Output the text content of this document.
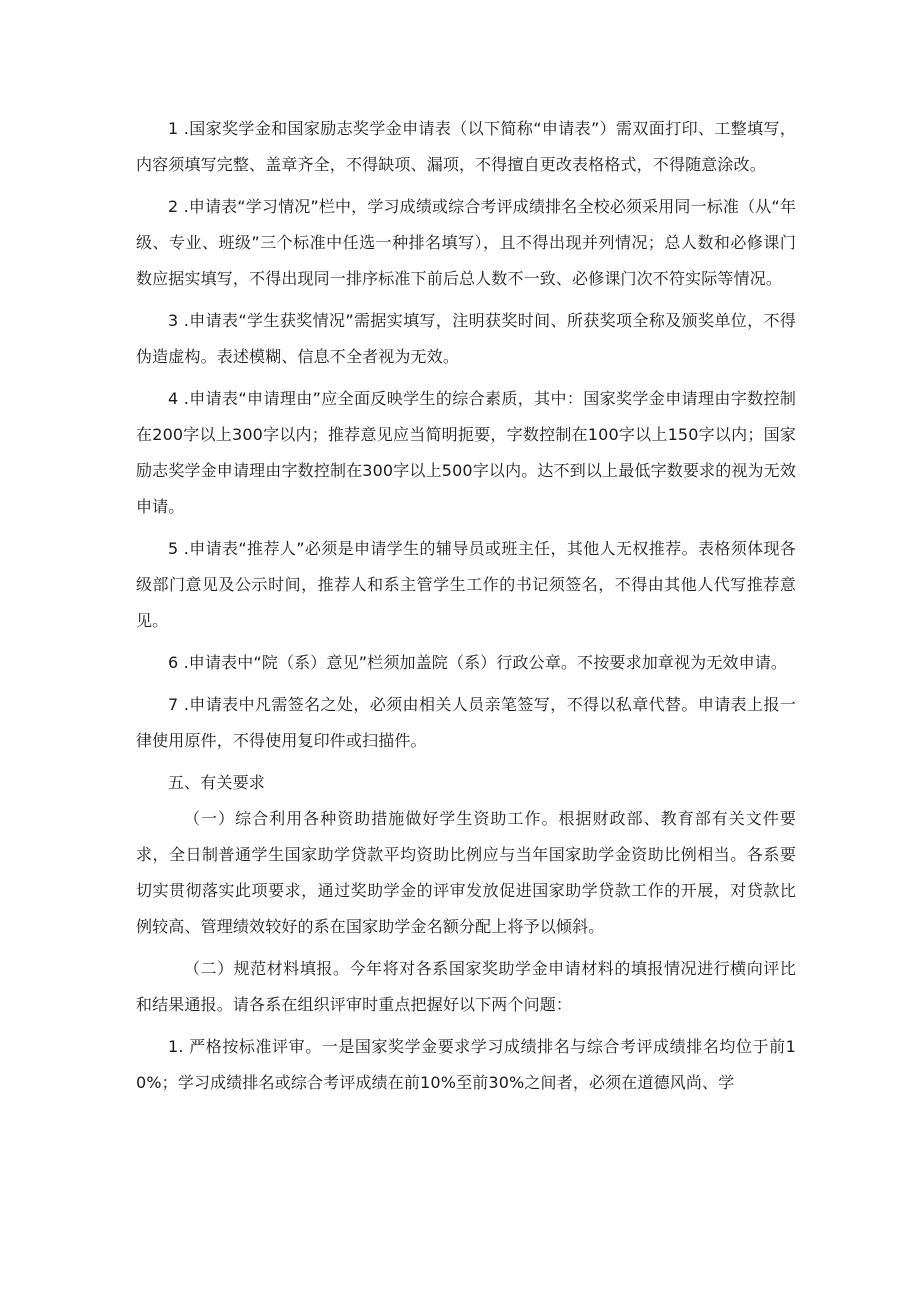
1 .国家奖学金和国家励志奖学金申请表（以下简称“申请表”）需双面打印、工整填写，内容须填写完整、盖章齐全，不得缺项、漏项，不得擅自更改表格格式，不得随意涂改。

2 .申请表“学习情况”栏中，学习成绩或综合考评成绩排名全校必须采用同一标准（从“年级、专业、班级”三个标准中任选一种排名填写），且不得出现并列情况；总人数和必修课门数应据实填写，不得出现同一排序标准下前后总人数不一致、必修课门次不符实际等情况。

3 .申请表“学生获奖情况”需据实填写，注明获奖时间、所获奖项全称及颁奖单位，不得伪造虚构。表述模糊、信息不全者视为无效。

4 .申请表“申请理由”应全面反映学生的综合素质，其中：国家奖学金申请理由字数控制在200字以上300字以内；推荐意见应当简明扼要，字数控制在100字以上150字以内；国家励志奖学金申请理由字数控制在300字以上500字以内。达不到以上最低字数要求的视为无效申请。

5 .申请表“推荐人”必须是申请学生的辅导员或班主任，其他人无权推荐。表格须体现各级部门意见及公示时间，推荐人和系主管学生工作的书记须签名，不得由其他人代写推荐意见。

6 .申请表中“院（系）意见”栏须加盖院（系）行政公章。不按要求加章视为无效申请。

7 .申请表中凡需签名之处，必须由相关人员亲笔签写，不得以私章代替。申请表上报一律使用原件，不得使用复印件或扫描件。

五、有关要求

（一）综合利用各种资助措施做好学生资助工作。根据财政部、教育部有关文件要求，全日制普通学生国家助学贷款平均资助比例应与当年国家助学金资助比例相当。各系要切实贯彻落实此项要求，通过奖助学金的评审发放促进国家助学贷款工作的开展，对贷款比例较高、管理绩效较好的系在国家助学金名额分配上将予以倾斜。

（二）规范材料填报。今年将对各系国家奖助学金申请材料的填报情况进行横向评比和结果通报。请各系在组织评审时重点把握好以下两个问题：

1. 严格按标准评审。一是国家奖学金要求学习成绩排名与综合考评成绩排名均位于前10%；学习成绩排名或综合考评成绩在前10%至前30%之间者，必须在道德风尚、学
